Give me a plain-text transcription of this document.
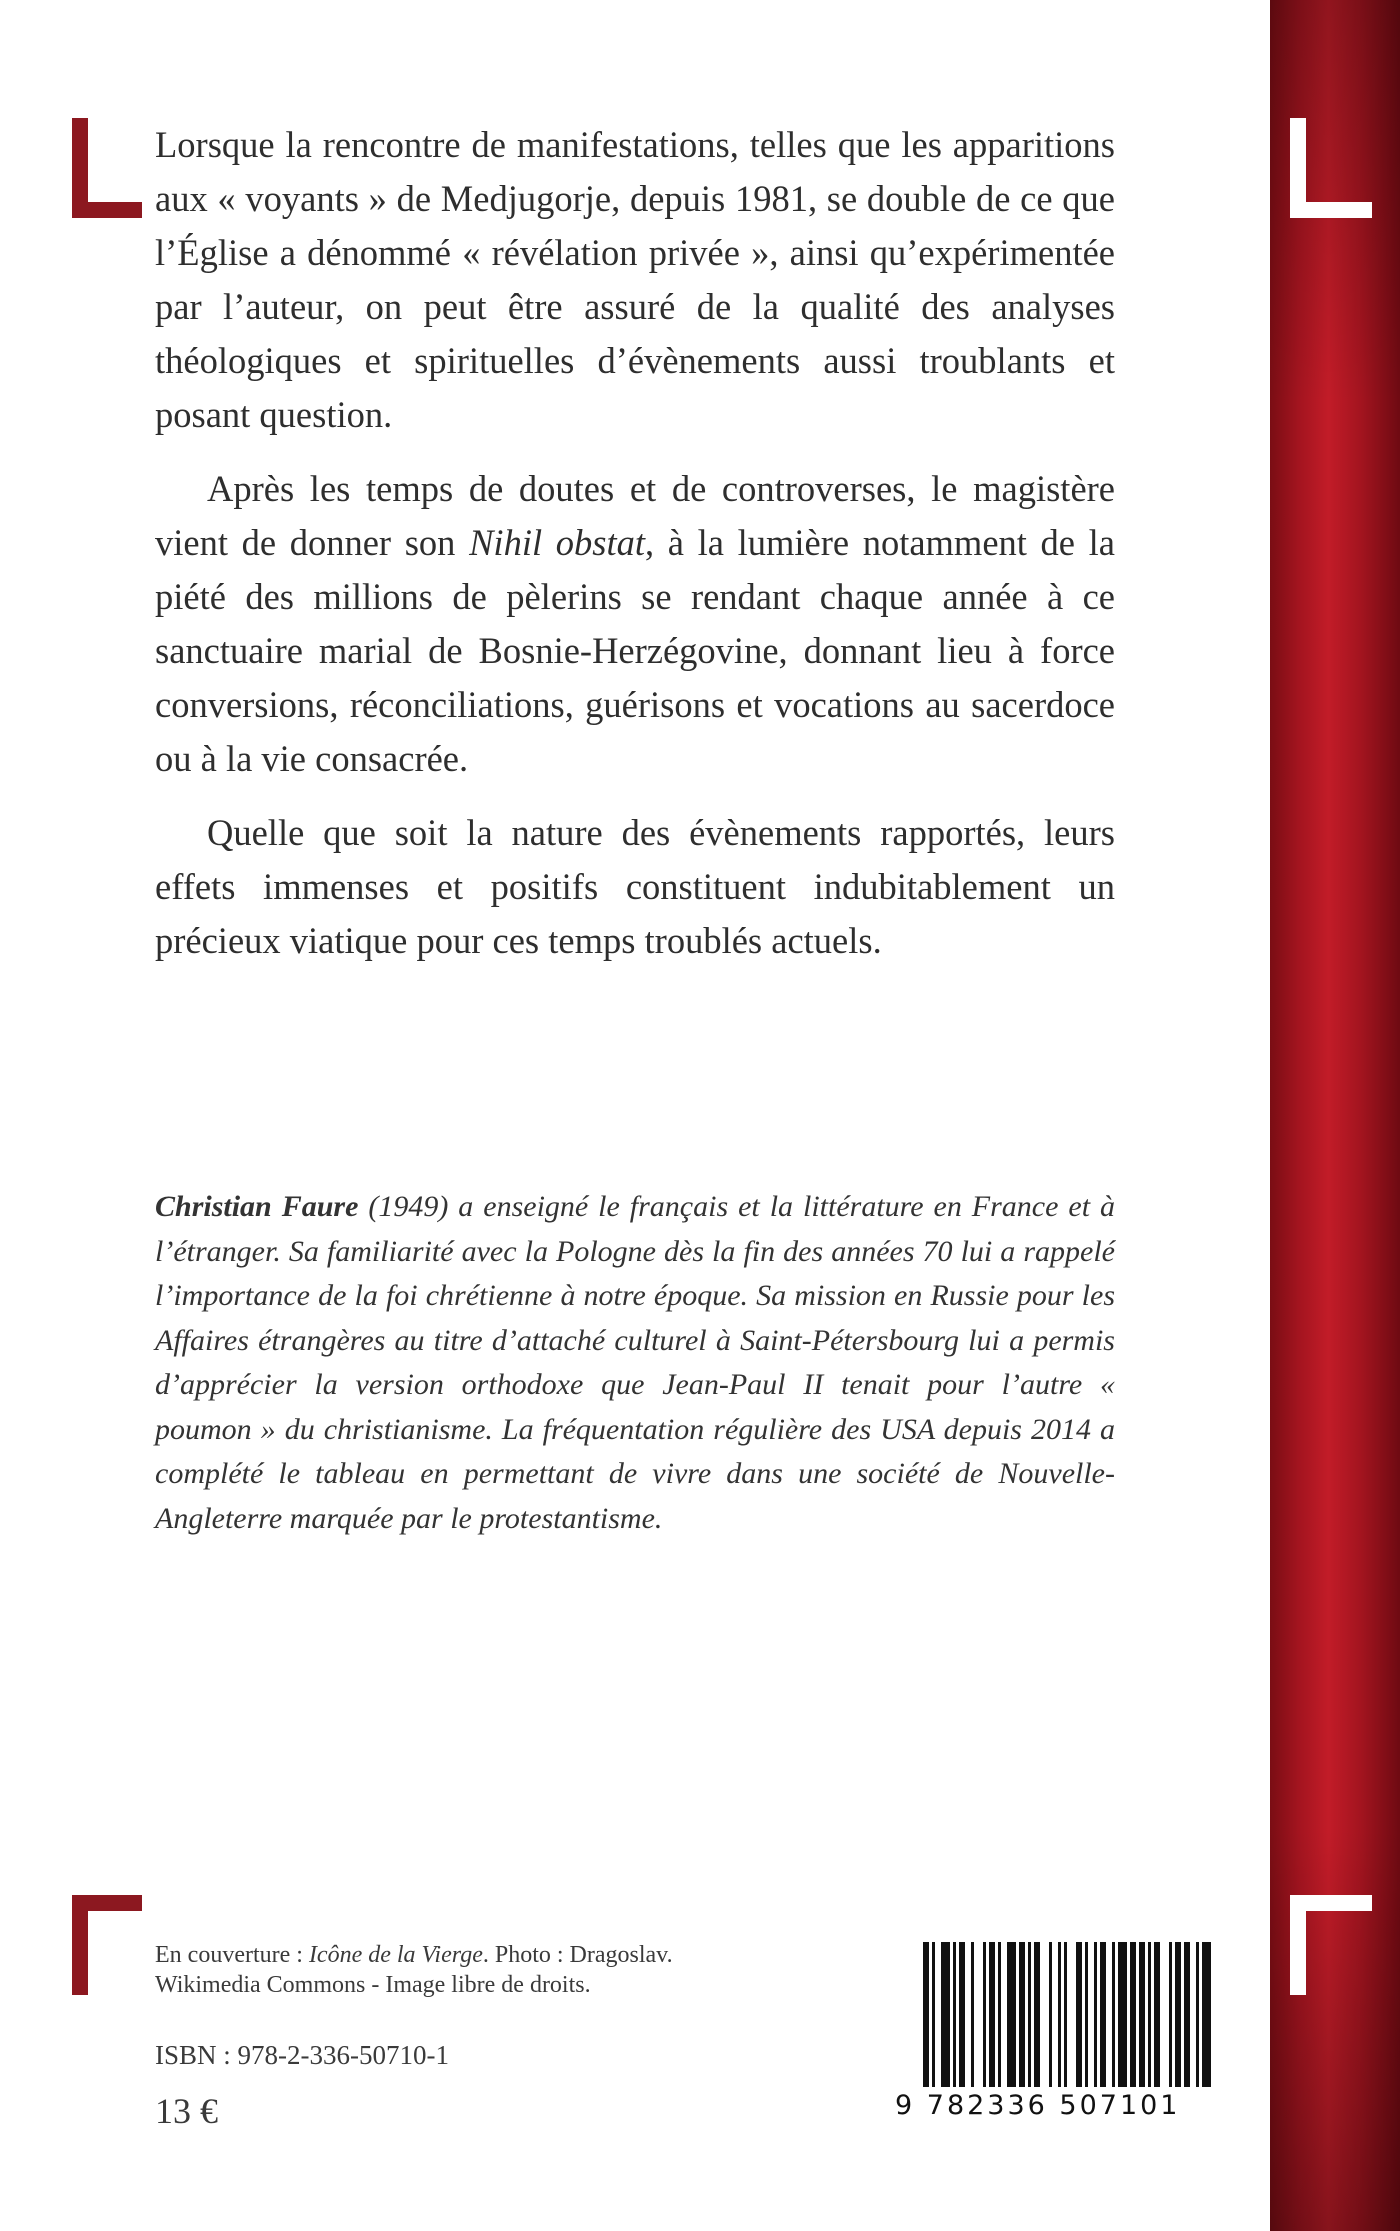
Lorsque la rencontre de manifestations, telles que les apparitions aux « voyants » de Medjugorje, depuis 1981, se double de ce que l’Église a dénommé « révélation privée », ainsi qu’expérimentée par l’auteur, on peut être assuré de la qualité des analyses théologiques et spirituelles d’évènements aussi troublants et posant question.

Après les temps de doutes et de controverses, le magistère vient de donner son Nihil obstat, à la lumière notamment de la piété des millions de pèlerins se rendant chaque année à ce sanctuaire marial de Bosnie-Herzégovine, donnant lieu à force conversions, réconciliations, guérisons et vocations au sacerdoce ou à la vie consacrée.

Quelle que soit la nature des évènements rapportés, leurs effets immenses et positifs constituent indubitablement un précieux viatique pour ces temps troublés actuels.

Christian Faure (1949) a enseigné le français et la littérature en France et à l’étranger. Sa familiarité avec la Pologne dès la fin des années 70 lui a rappelé l’importance de la foi chrétienne à notre époque. Sa mission en Russie pour les Affaires étrangères au titre d’attaché culturel à Saint-Pétersbourg lui a permis d’apprécier la version orthodoxe que Jean-Paul II tenait pour l’autre « poumon » du christianisme. La fréquentation régulière des USA depuis 2014 a complété le tableau en permettant de vivre dans une société de Nouvelle-Angleterre marquée par le protestantisme.
En couverture : Icône de la Vierge. Photo : Dragoslav.
Wikimedia Commons - Image libre de droits.
ISBN : 978-2-336-50710-1
13 €	9 782336 507101
